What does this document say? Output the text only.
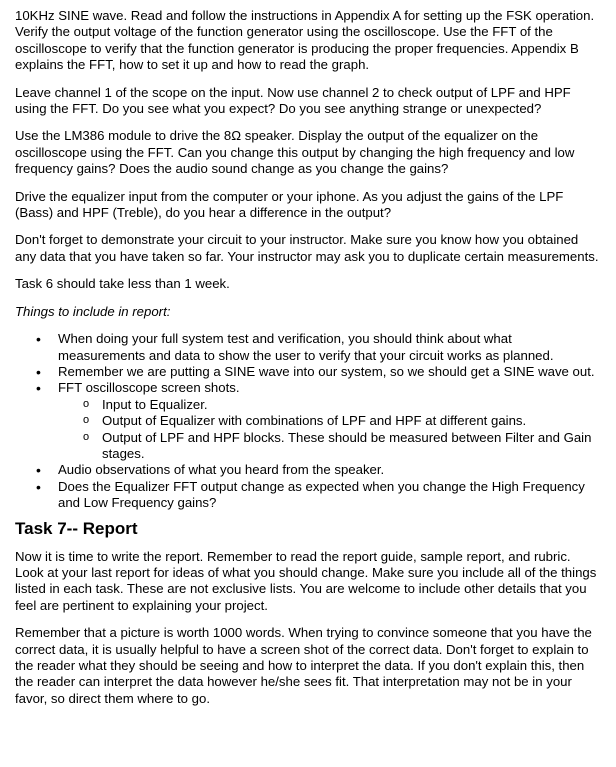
10KHz SINE wave. Read and follow the instructions in Appendix A for setting up the FSK operation. Verify the output voltage of the function generator using the oscilloscope. Use the FFT of the oscilloscope to verify that the function generator is producing the proper frequencies. Appendix B explains the FFT, how to set it up and how to read the graph.

Leave channel 1 of the scope on the input. Now use channel 2 to check output of LPF and HPF using the FFT. Do you see what you expect? Do you see anything strange or unexpected?

Use the LM386 module to drive the 8Ω speaker. Display the output of the equalizer on the oscilloscope using the FFT. Can you change this output by changing the high frequency and low frequency gains? Does the audio sound change as you change the gains?

Drive the equalizer input from the computer or your iphone. As you adjust the gains of the LPF (Bass) and HPF (Treble), do you hear a difference in the output?

Don't forget to demonstrate your circuit to your instructor. Make sure you know how you obtained any data that you have taken so far. Your instructor may ask you to duplicate certain measurements.

Task 6 should take less than 1 week.

Things to include in report:

• When doing your full system test and verification, you should think about what measurements and data to show the user to verify that your circuit works as planned.
• Remember we are putting a SINE wave into our system, so we should get a SINE wave out.
• FFT oscilloscope screen shots.
o Input to Equalizer.
o Output of Equalizer with combinations of LPF and HPF at different gains.
o Output of LPF and HPF blocks. These should be measured between Filter and Gain stages.
• Audio observations of what you heard from the speaker.
• Does the Equalizer FFT output change as expected when you change the High Frequency and Low Frequency gains?
Task 7-- Report

Now it is time to write the report. Remember to read the report guide, sample report, and rubric. Look at your last report for ideas of what you should change. Make sure you include all of the things listed in each task. These are not exclusive lists. You are welcome to include other details that you feel are pertinent to explaining your project.

Remember that a picture is worth 1000 words. When trying to convince someone that you have the correct data, it is usually helpful to have a screen shot of the correct data. Don't forget to explain to the reader what they should be seeing and how to interpret the data. If you don't explain this, then the reader can interpret the data however he/she sees fit. That interpretation may not be in your favor, so direct them where to go.
